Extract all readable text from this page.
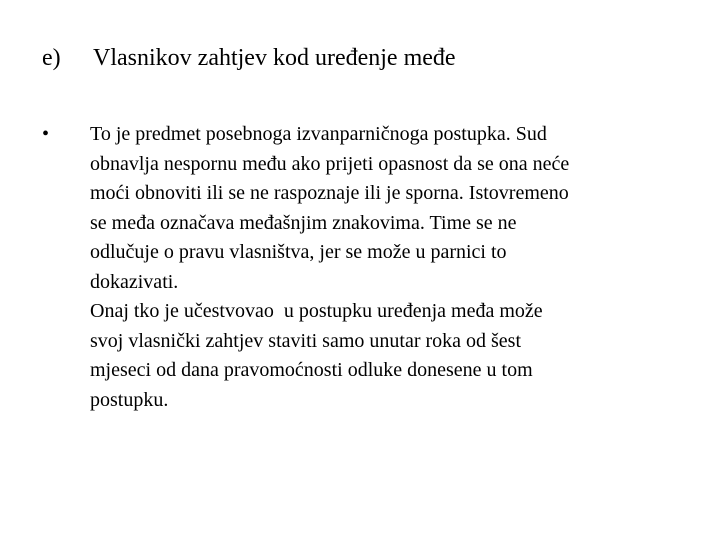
e) Vlasnikov zahtjev kod uređenje međe
• To je predmet posebnoga izvanparničnoga postupka. Sud
obnavlja nespornu među ako prijeti opasnost da se ona neće
moći obnoviti ili se ne raspoznaje ili je sporna. Istovremeno
se međa označava međašnjim znakovima. Time se ne
odlučuje o pravu vlasništva, jer se može u parnici to
dokazivati.
Onaj tko je učestvovao  u postupku uređenja međa može
svoj vlasnički zahtjev staviti samo unutar roka od šest
mjeseci od dana pravomoćnosti odluke donesene u tom
postupku.
